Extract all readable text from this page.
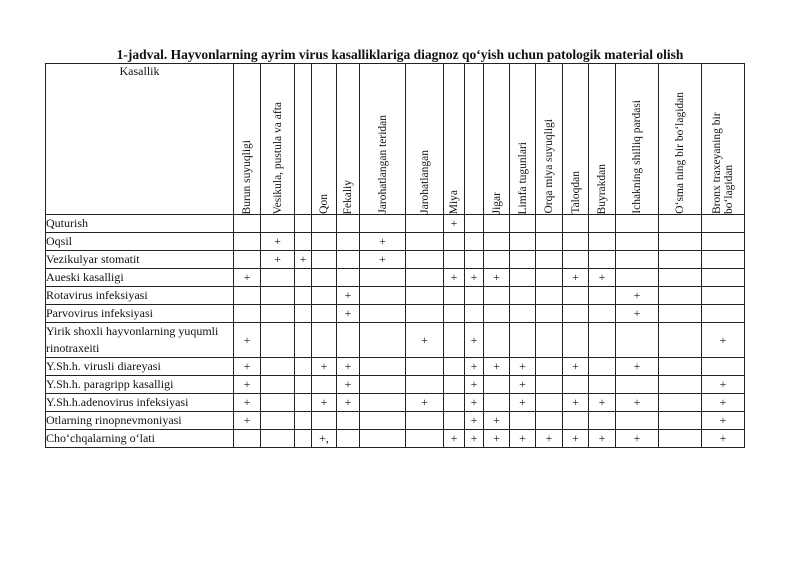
1-jadval. Hayvonlarning ayrim virus kasalliklariga diagnoz qo‘yish uchun patologik material olish
Kasallik	Burun suyuqligi	Vesikula, pustula va afta		Qon	Fekaliy	Jarohatlangan teridan	Jarohatlangan	Miya		Jigar	Limfa tugunlari	Orqa miya suyuqligi	Taloqdan	Buyrakdan	Ichakning shilliq pardasi	O‘sma ning bir bo‘lagidan	Bronx traxeyaning bir bo‘lagidan

Quturish								+									
Oqsil		+				+											
Vezikulyar stomatit		+	+			+											
Aueski kasalligi	+							+	+	+			+	+			
Rotavirus infeksiyasi					+										+		
Parvovirus infeksiyasi					+										+		
Yirik shoxli hayvonlarning yuqumli rinotraxeiti	+						+		+								+
Y.Sh.h. virusli diareyasi	+			+	+				+	+	+		+		+		
Y.Sh.h. paragripp kasalligi	+				+				+		+						+
Y.Sh.h.adenovirus infeksiyasi	+			+	+		+		+		+		+	+	+		+
Otlarning rinopnevmoniyasi	+								+	+							+
Cho‘chqalarning o‘lati				+,				+	+	+	+	+	+	+	+		+
